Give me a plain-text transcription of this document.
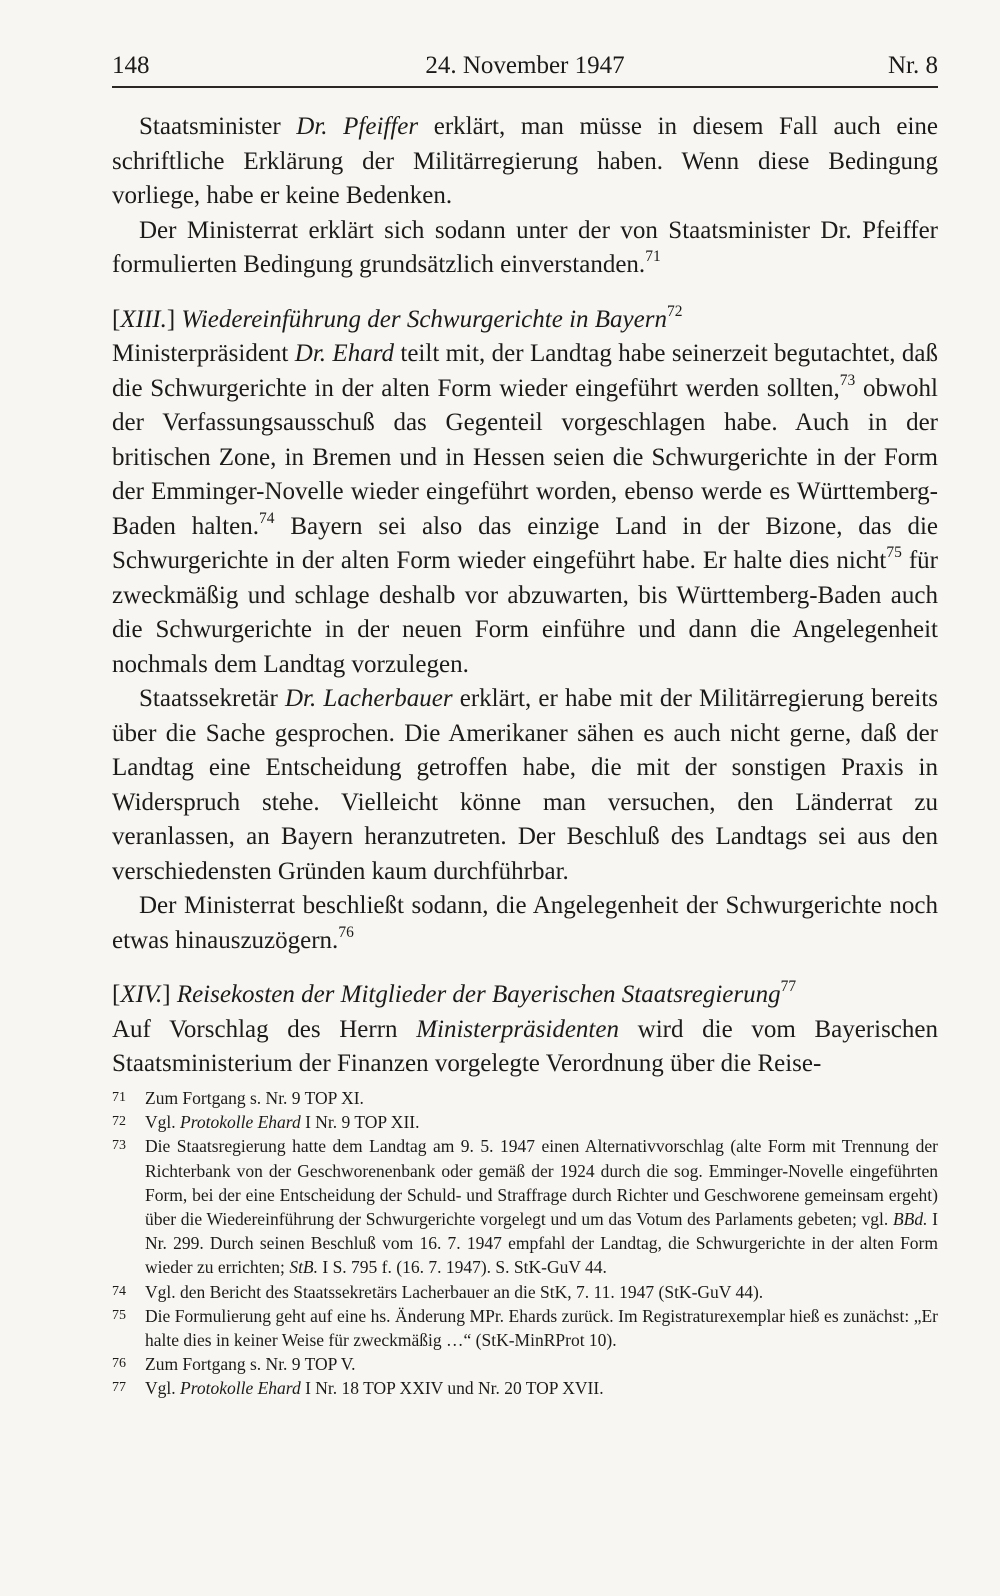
148	24. November 1947	Nr. 8

Staatsminister Dr. Pfeiffer erklärt, man müsse in diesem Fall auch eine schriftliche Erklärung der Militärregierung haben. Wenn diese Bedingung vorliege, habe er keine Bedenken.

Der Ministerrat erklärt sich sodann unter der von Staatsminister Dr. Pfeiffer formulierten Bedingung grundsätzlich einverstanden.$^{71}$

[XIII.] Wiedereinführung der Schwurgerichte in Bayern$^{72}$

Ministerpräsident Dr. Ehard teilt mit, der Landtag habe seinerzeit begutachtet, daß die Schwurgerichte in der alten Form wieder eingeführt werden sollten,$^{73}$ obwohl der Verfassungsausschuß das Gegenteil vorgeschlagen habe. Auch in der britischen Zone, in Bremen und in Hessen seien die Schwurgerichte in der Form der Emminger-Novelle wieder eingeführt worden, ebenso werde es Württemberg-Baden halten.$^{74}$ Bayern sei also das einzige Land in der Bizone, das die Schwurgerichte in der alten Form wieder eingeführt habe. Er halte dies nicht$^{75}$ für zweckmäßig und schlage deshalb vor abzuwarten, bis Württemberg-Baden auch die Schwurgerichte in der neuen Form einführe und dann die Angelegenheit nochmals dem Landtag vorzulegen.

Staatssekretär Dr. Lacherbauer erklärt, er habe mit der Militärregierung bereits über die Sache gesprochen. Die Amerikaner sähen es auch nicht gerne, daß der Landtag eine Entscheidung getroffen habe, die mit der sonstigen Praxis in Widerspruch stehe. Vielleicht könne man versuchen, den Länderrat zu veranlassen, an Bayern heranzutreten. Der Beschluß des Landtags sei aus den verschiedensten Gründen kaum durchführbar.

Der Ministerrat beschließt sodann, die Angelegenheit der Schwurgerichte noch etwas hinauszuzögern.$^{76}$

[XIV.] Reisekosten der Mitglieder der Bayerischen Staatsregierung$^{77}$

Auf Vorschlag des Herrn Ministerpräsidenten wird die vom Bayerischen Staatsministerium der Finanzen vorgelegte Verordnung über die Reise-

71 Zum Fortgang s. Nr. 9 TOP XI.
72 Vgl. Protokolle Ehard I Nr. 9 TOP XII.
73 Die Staatsregierung hatte dem Landtag am 9. 5. 1947 einen Alternativvorschlag (alte Form mit Trennung der Richterbank von der Geschworenenbank oder gemäß der 1924 durch die sog. Emminger-Novelle eingeführten Form, bei der eine Entscheidung der Schuld- und Straffrage durch Richter und Geschworene gemeinsam ergeht) über die Wiedereinführung der Schwurgerichte vorgelegt und um das Votum des Parlaments gebeten; vgl. BBd. I Nr. 299. Durch seinen Beschluß vom 16. 7. 1947 empfahl der Landtag, die Schwurgerichte in der alten Form wieder zu errichten; StB. I S. 795 f. (16. 7. 1947). S. StK-GuV 44.
74 Vgl. den Bericht des Staatssekretärs Lacherbauer an die StK, 7. 11. 1947 (StK-GuV 44).
75 Die Formulierung geht auf eine hs. Änderung MPr. Ehards zurück. Im Registraturexemplar hieß es zunächst: „Er halte dies in keiner Weise für zweckmäßig …“ (StK-MinRProt 10).
76 Zum Fortgang s. Nr. 9 TOP V.
77 Vgl. Protokolle Ehard I Nr. 18 TOP XXIV und Nr. 20 TOP XVII.
